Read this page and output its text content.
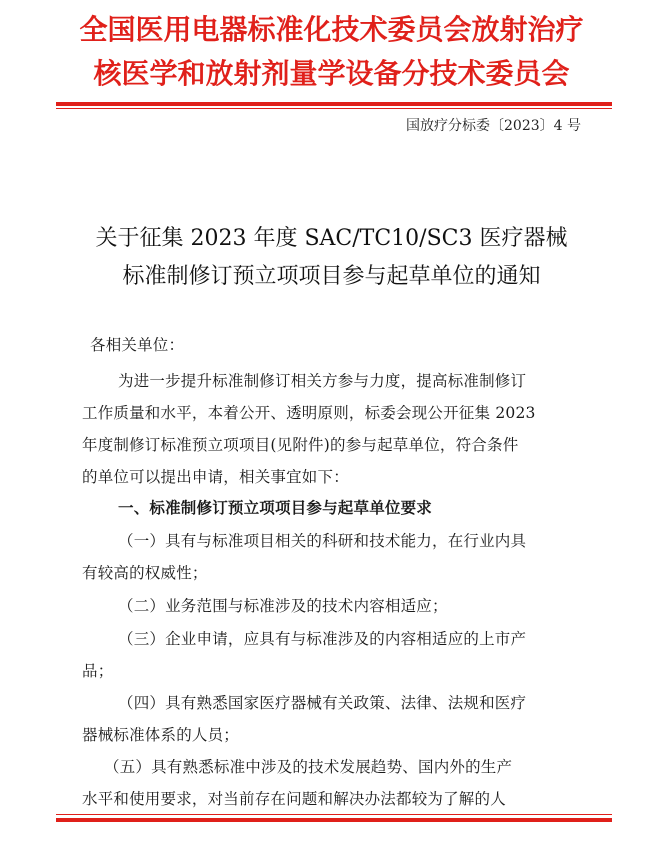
全国医用电器标准化技术委员会放射治疗
核医学和放射剂量学设备分技术委员会
国放疗分标委〔2023〕4 号
关于征集 2023 年度 SAC/TC10/SC3 医疗器械
标准制修订预立项项目参与起草单位的通知
各相关单位：
为进一步提升标准制修订相关方参与力度，提高标准制修订
工作质量和水平，本着公开、透明原则，标委会现公开征集 2023
年度制修订标准预立项项目(见附件)的参与起草单位，符合条件
的单位可以提出申请，相关事宜如下：
一、标准制修订预立项项目参与起草单位要求
（一）具有与标准项目相关的科研和技术能力，在行业内具
有较高的权威性；
（二）业务范围与标准涉及的技术内容相适应；
（三）企业申请，应具有与标准涉及的内容相适应的上市产
品；
（四）具有熟悉国家医疗器械有关政策、法律、法规和医疗
器械标准体系的人员；
（五）具有熟悉标准中涉及的技术发展趋势、国内外的生产
水平和使用要求，对当前存在问题和解决办法都较为了解的人
